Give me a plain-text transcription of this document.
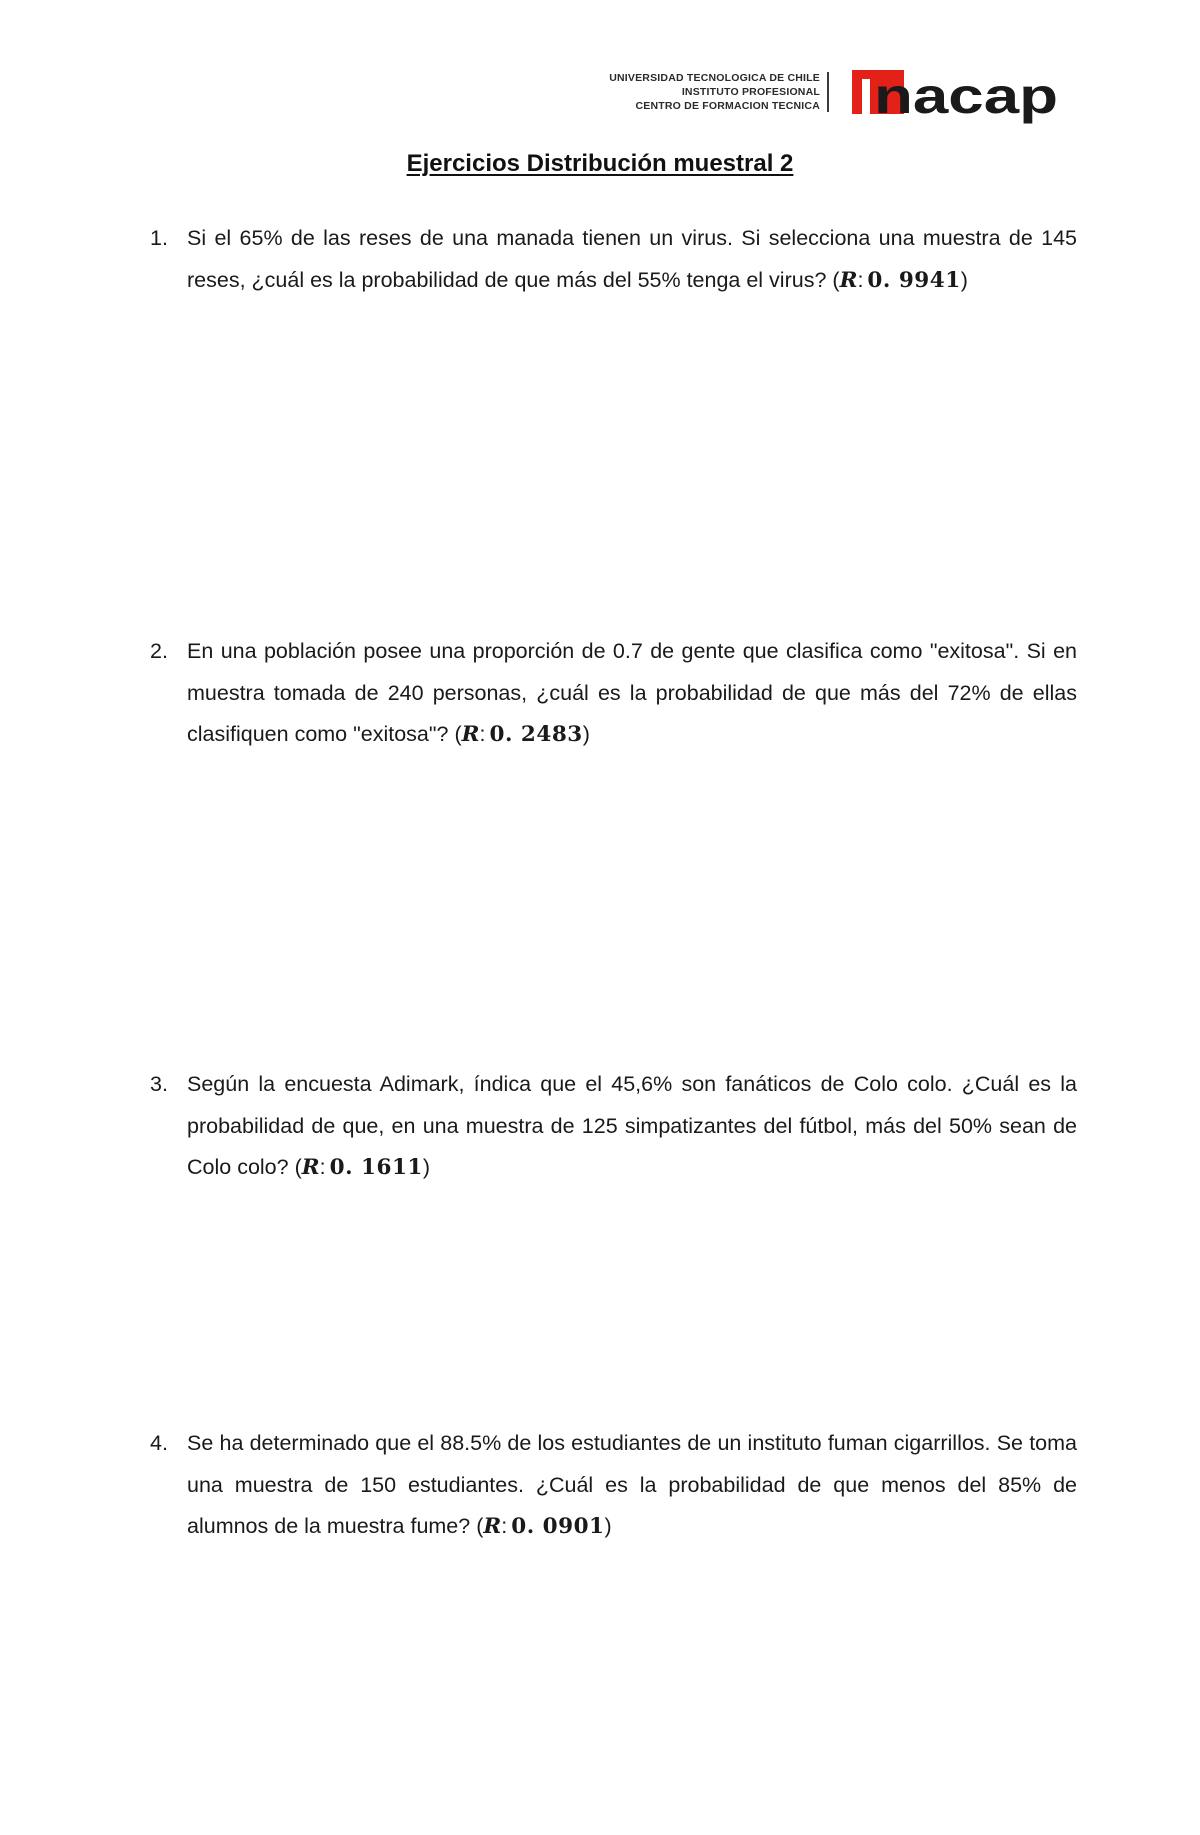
UNIVERSIDAD TECNOLOGICA DE CHILE
INSTITUTO PROFESIONAL
CENTRO DE FORMACION TECNICA nacap
Ejercicios Distribución muestral 2
1. Si el 65% de las reses de una manada tienen un virus. Si selecciona una muestra de 145 reses, ¿cuál es la probabilidad de que más del 55% tenga el virus? (R: 0. 9941)
2. En una población posee una proporción de 0.7 de gente que clasifica como "exitosa". Si en muestra tomada de 240 personas, ¿cuál es la probabilidad de que más del 72% de ellas clasifiquen como "exitosa"? (R: 0. 2483)
3. Según la encuesta Adimark, índica que el 45,6% son fanáticos de Colo colo. ¿Cuál es la probabilidad de que, en una muestra de 125 simpatizantes del fútbol, más del 50% sean de Colo colo? (R: 0. 1611)
4. Se ha determinado que el 88.5% de los estudiantes de un instituto fuman cigarrillos. Se toma una muestra de 150 estudiantes. ¿Cuál es la probabilidad de que menos del 85% de alumnos de la muestra fume? (R: 0. 0901)
